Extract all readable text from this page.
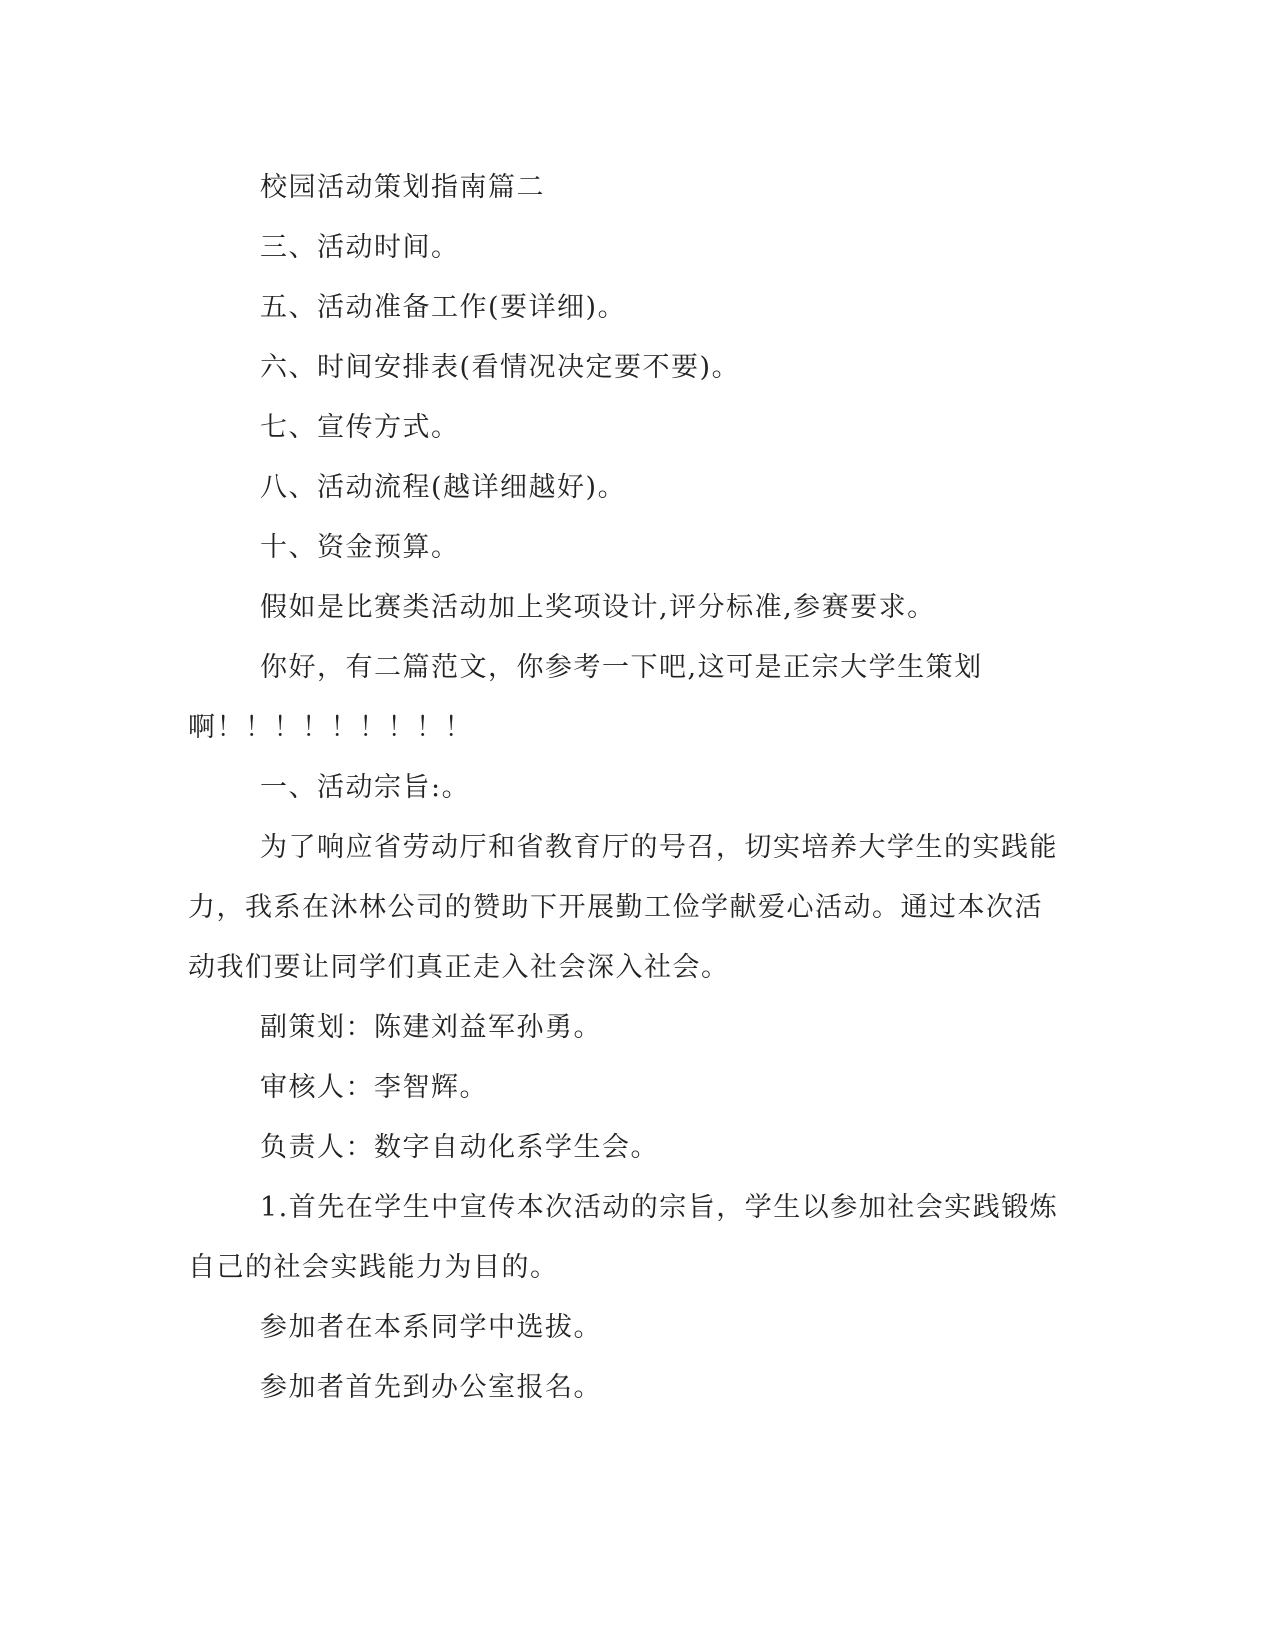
校园活动策划指南篇二

三、活动时间。

五、活动准备工作(要详细)。

六、时间安排表(看情况决定要不要)。

七、宣传方式。

八、活动流程(越详细越好)。

十、资金预算。

假如是比赛类活动加上奖项设计,评分标准,参赛要求。

你好，有二篇范文，你参考一下吧,这可是正宗大学生策划啊！！！！！！！！！

一、活动宗旨:。

为了响应省劳动厅和省教育厅的号召，切实培养大学生的实践能力，我系在沐林公司的赞助下开展勤工俭学献爱心活动。通过本次活动我们要让同学们真正走入社会深入社会。

副策划：陈建刘益军孙勇。

审核人：李智辉。

负责人：数字自动化系学生会。

1.首先在学生中宣传本次活动的宗旨，学生以参加社会实践锻炼自己的社会实践能力为目的。

参加者在本系同学中选拔。

参加者首先到办公室报名。
